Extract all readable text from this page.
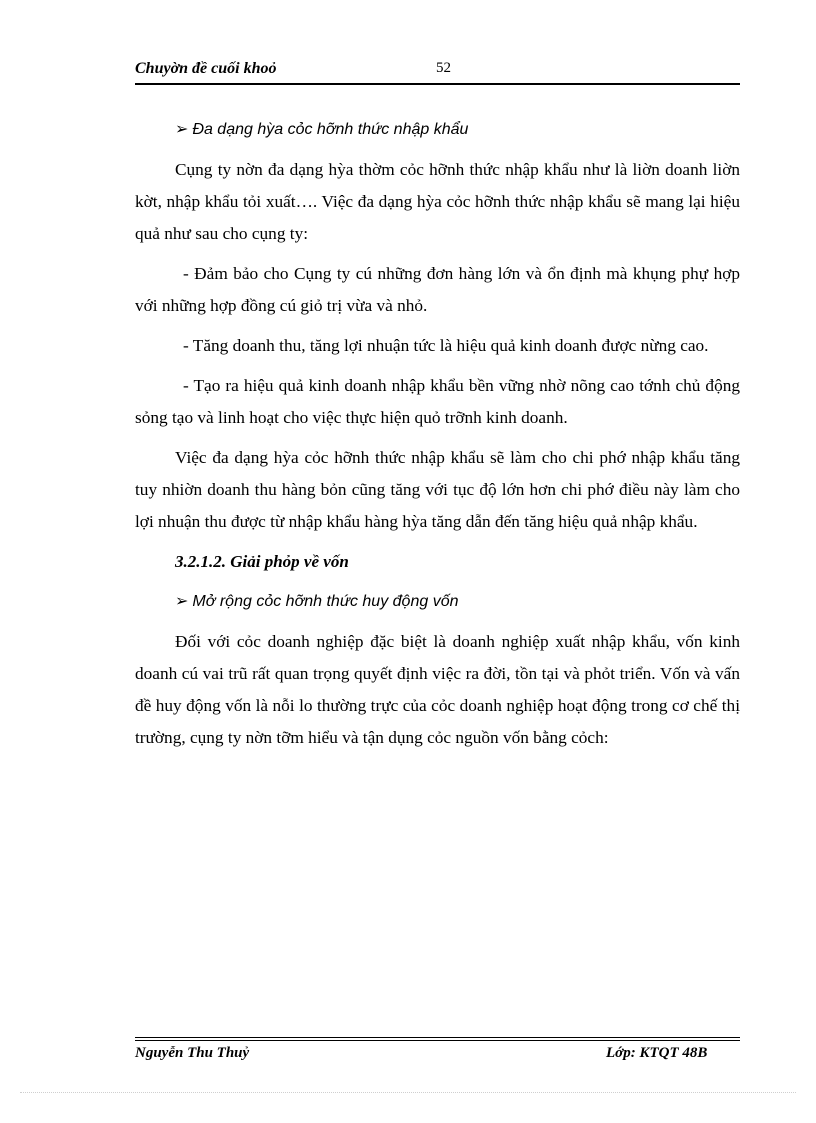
Chuyờn đề cuối khoỏ	52
➢ Đa dạng hỳa cỏc hỡnh thức nhập khẩu

Cụng ty nờn đa dạng hỳa thờm cỏc hỡnh thức nhập khẩu như là liờn doanh liờn kờt, nhập khẩu tỏi xuất…. Việc đa dạng hỳa cỏc hỡnh thức nhập khẩu sẽ mang lại hiệu quả như sau cho cụng ty:

- Đảm bảo cho Cụng ty cú những đơn hàng lớn và ổn định mà khụng phự hợp với những hợp đồng cú giỏ trị vừa và nhỏ.

- Tăng doanh thu, tăng lợi nhuận tức là hiệu quả kinh doanh được nừng cao.

- Tạo ra hiệu quả kinh doanh nhập khẩu bền vững nhờ nõng cao tớnh chủ động sỏng tạo và linh hoạt cho việc thực hiện quỏ trỡnh kinh doanh.

Việc đa dạng hỳa cỏc hỡnh thức nhập khẩu sẽ làm cho chi phớ nhập khẩu tăng tuy nhiờn doanh thu hàng bỏn cũng tăng với tục độ lớn hơn chi phớ điều này làm cho lợi nhuận thu được từ nhập khẩu hàng hỳa tăng dẫn đến tăng hiệu quả nhập khẩu.

3.2.1.2. Giải phỏp về vốn
➢ Mở rộng cỏc hỡnh thức huy động vốn

Đối với cỏc doanh nghiệp đặc biệt là doanh nghiệp xuất nhập khẩu, vốn kinh doanh cú vai trũ rất quan trọng quyết định việc ra đời, tồn tại và phỏt triển. Vốn và vấn đề huy động vốn là nỗi lo thường trực của cỏc doanh nghiệp hoạt động trong cơ chế thị trường, cụng ty nờn tỡm hiểu và tận dụng cỏc nguồn vốn bằng cỏch:

Nguyễn Thu Thuỷ	Lớp: KTQT 48B
